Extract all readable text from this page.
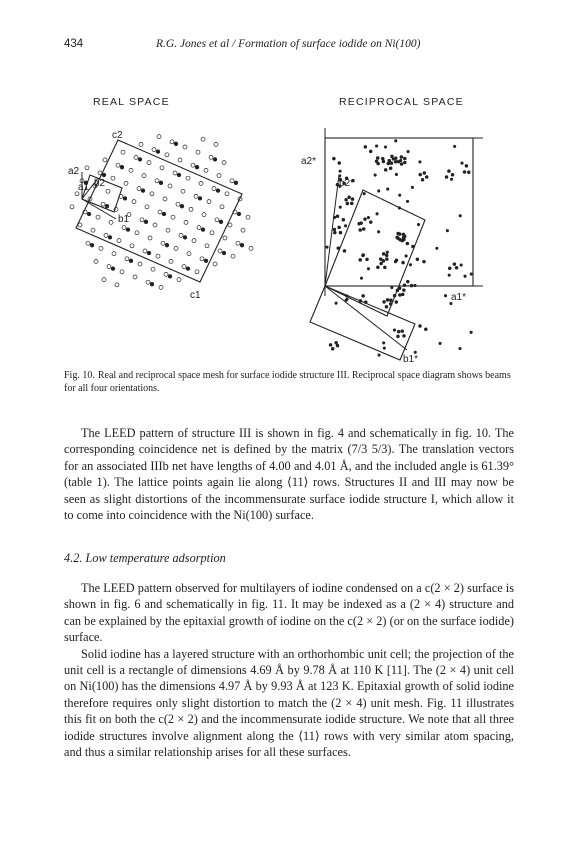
434	R.G. Jones et al / Formation of surface iodide on Ni(100)
REAL SPACE	RECIPROCAL SPACE
c2
a2
a1 b2
b1
c1
a2*
b2*
a1*
b1*
Fig. 10. Real and reciprocal space mesh for surface iodide structure III. Reciprocal space diagram shows beams for all four orientations.

The LEED pattern of structure III is shown in fig. 4 and schematically in fig. 10. The corresponding coincidence net is defined by the matrix (7/3 5/3). The translation vectors for an associated IIIb net have lengths of 4.00 and 4.01 Å, and the included angle is 61.39° (table 1). The lattice points again lie along ⟨11⟩ rows. Structures II and III may now be seen as slight distortions of the incommensurate surface iodide structure I, which allow it to come into coincidence with the Ni(100) surface.

4.2. Low temperature adsorption

The LEED pattern observed for multilayers of iodine condensed on a c(2 × 2) surface is shown in fig. 6 and schematically in fig. 11. It may be indexed as a (2 × 4) structure and can be explained by the epitaxial growth of iodine on the c(2 × 2) (or on the surface iodide) surface.

Solid iodine has a layered structure with an orthorhombic unit cell; the projection of the unit cell is a rectangle of dimensions 4.69 Å by 9.78 Å at 110 K [11]. The (2 × 4) unit cell on Ni(100) has the dimensions 4.97 Å by 9.93 Å at 123 K. Epitaxial growth of solid iodine therefore requires only slight distortion to match the (2 × 4) unit mesh. Fig. 11 illustrates this fit on both the c(2 × 2) and the incommensurate iodide structure. We note that all three iodide structures involve alignment along the ⟨11⟩ rows with very similar atom spacing, and thus a similar relationship arises for all these surfaces.
